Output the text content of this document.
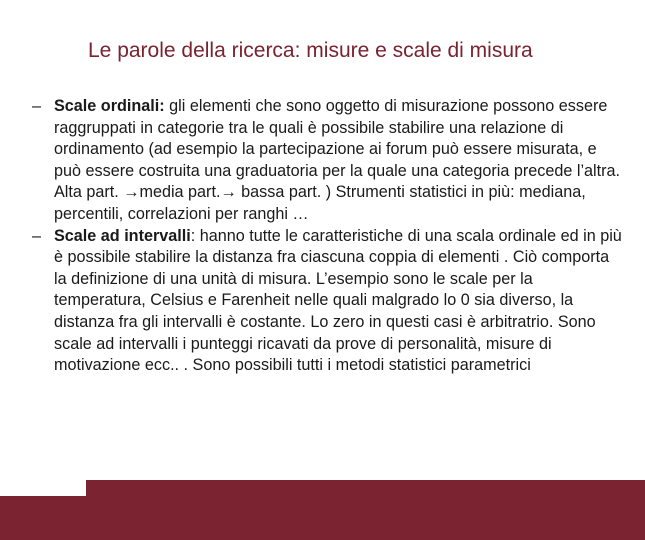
Le parole della ricerca: misure e scale di misura
– Scale ordinali: gli elementi che sono oggetto di misurazione possono essere raggruppati in categorie tra le quali è possibile stabilire una relazione di ordinamento (ad esempio la partecipazione ai forum può essere misurata, e può essere costruita una graduatoria per la quale una categoria precede l’altra. Alta part. →media part.→ bassa part. ) Strumenti statistici in più: mediana, percentili, correlazioni per ranghi …
– Scale ad intervalli: hanno tutte le caratteristiche di una scala ordinale ed in più è possibile stabilire la distanza fra ciascuna coppia di elementi . Ciò comporta la definizione di una unità di misura. L’esempio sono le scale per la temperatura, Celsius e Farenheit nelle quali malgrado lo 0 sia diverso, la distanza fra gli intervalli è costante. Lo zero in questi casi è arbitratrio. Sono scale ad intervalli i punteggi ricavati da prove di personalità, misure di motivazione ecc.. . Sono possibili tutti i metodi statistici parametrici
